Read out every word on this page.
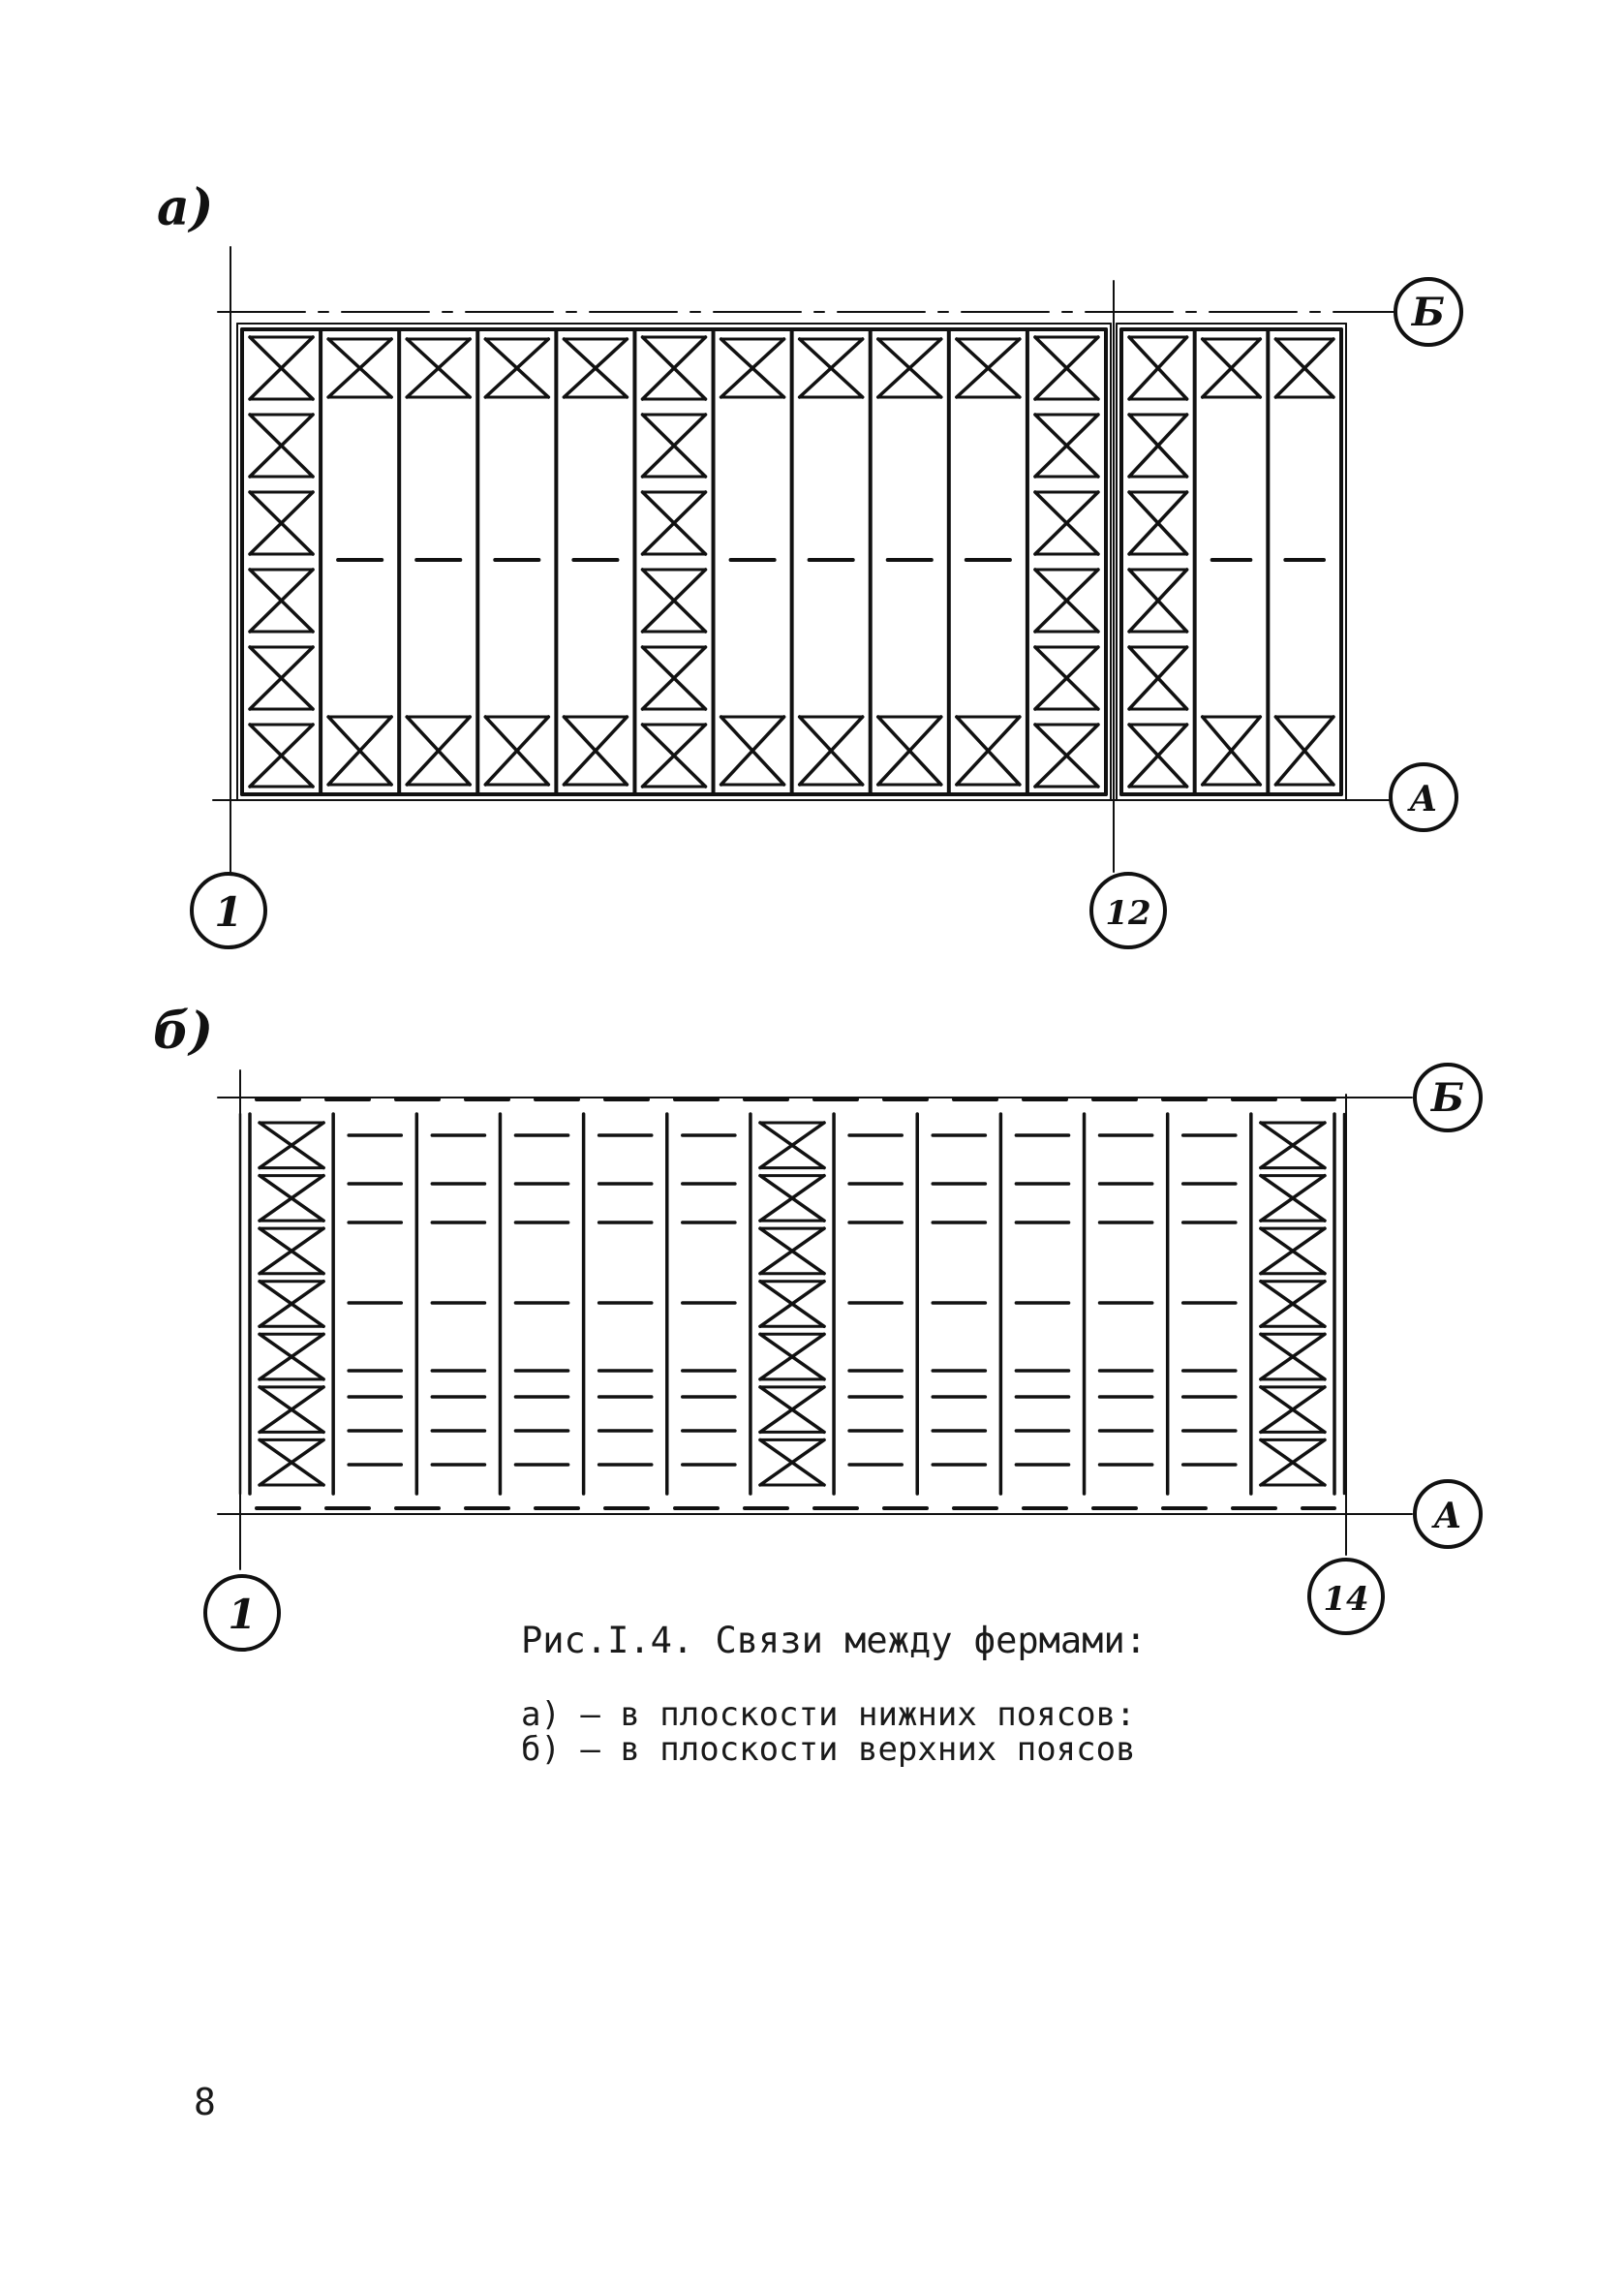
а)
Б
А
1	12
б)
Б
А
1	14
Рис.I.4. Связи между фермами:
а) – в плоскости нижних поясов:
б) – в плоскости верхних поясов
8
